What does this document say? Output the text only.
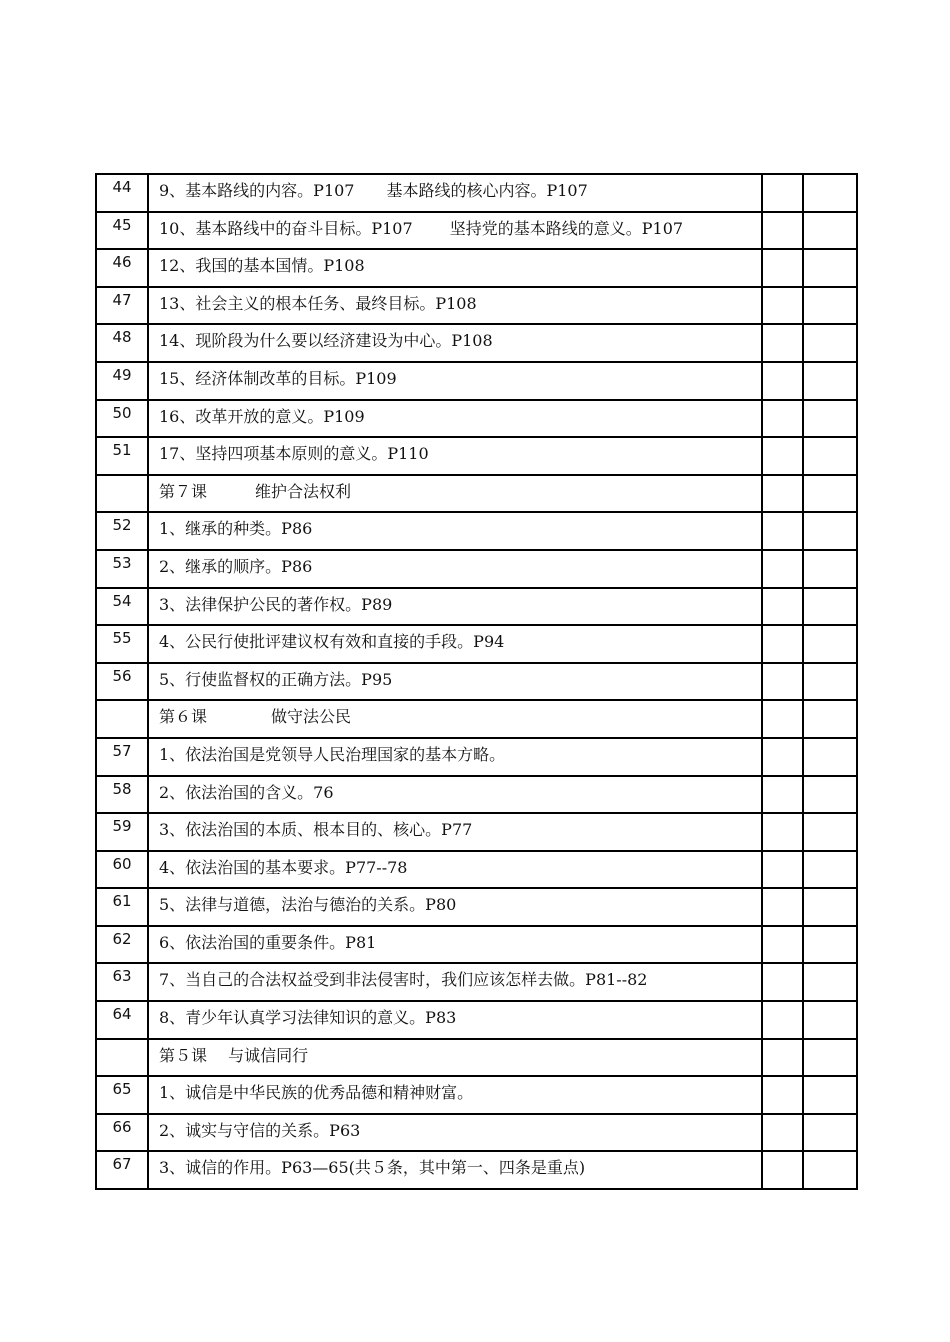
44	9、基本路线的内容。P107　　基本路线的核心内容。P107		
45	10、基本路线中的奋斗目标。P107　　 坚持党的基本路线的意义。P107		
46	12、我国的基本国情。P108		
47	13、社会主义的根本任务、最终目标。P108		
48	14、现阶段为什么要以经济建设为中心。P108		
49	15、经济体制改革的目标。P109		
50	16、改革开放的意义。P109		
51	17、坚持四项基本原则的意义。P110		
	第７课　　　维护合法权利		
52	1、继承的种类。P86		
53	2、继承的顺序。P86		
54	3、法律保护公民的著作权。P89		
55	4、公民行使批评建议权有效和直接的手段。P94		
56	5、行使监督权的正确方法。P95		
	第６课　　　　做守法公民		
57	1、依法治国是党领导人民治理国家的基本方略。		
58	2、依法治国的含义。76		
59	3、依法治国的本质、根本目的、核心。P77		
60	4、依法治国的基本要求。P77--78		
61	5、法律与道德，法治与德治的关系。P80		
62	6、依法治国的重要条件。P81		
63	7、当自己的合法权益受到非法侵害时，我们应该怎样去做。P81--82		
64	8、青少年认真学习法律知识的意义。P83		
	第５课　 与诚信同行		
65	1、诚信是中华民族的优秀品德和精神财富。		
66	2、诚实与守信的关系。P63		
67	3、诚信的作用。P63—65(共５条，其中第一、四条是重点)		
